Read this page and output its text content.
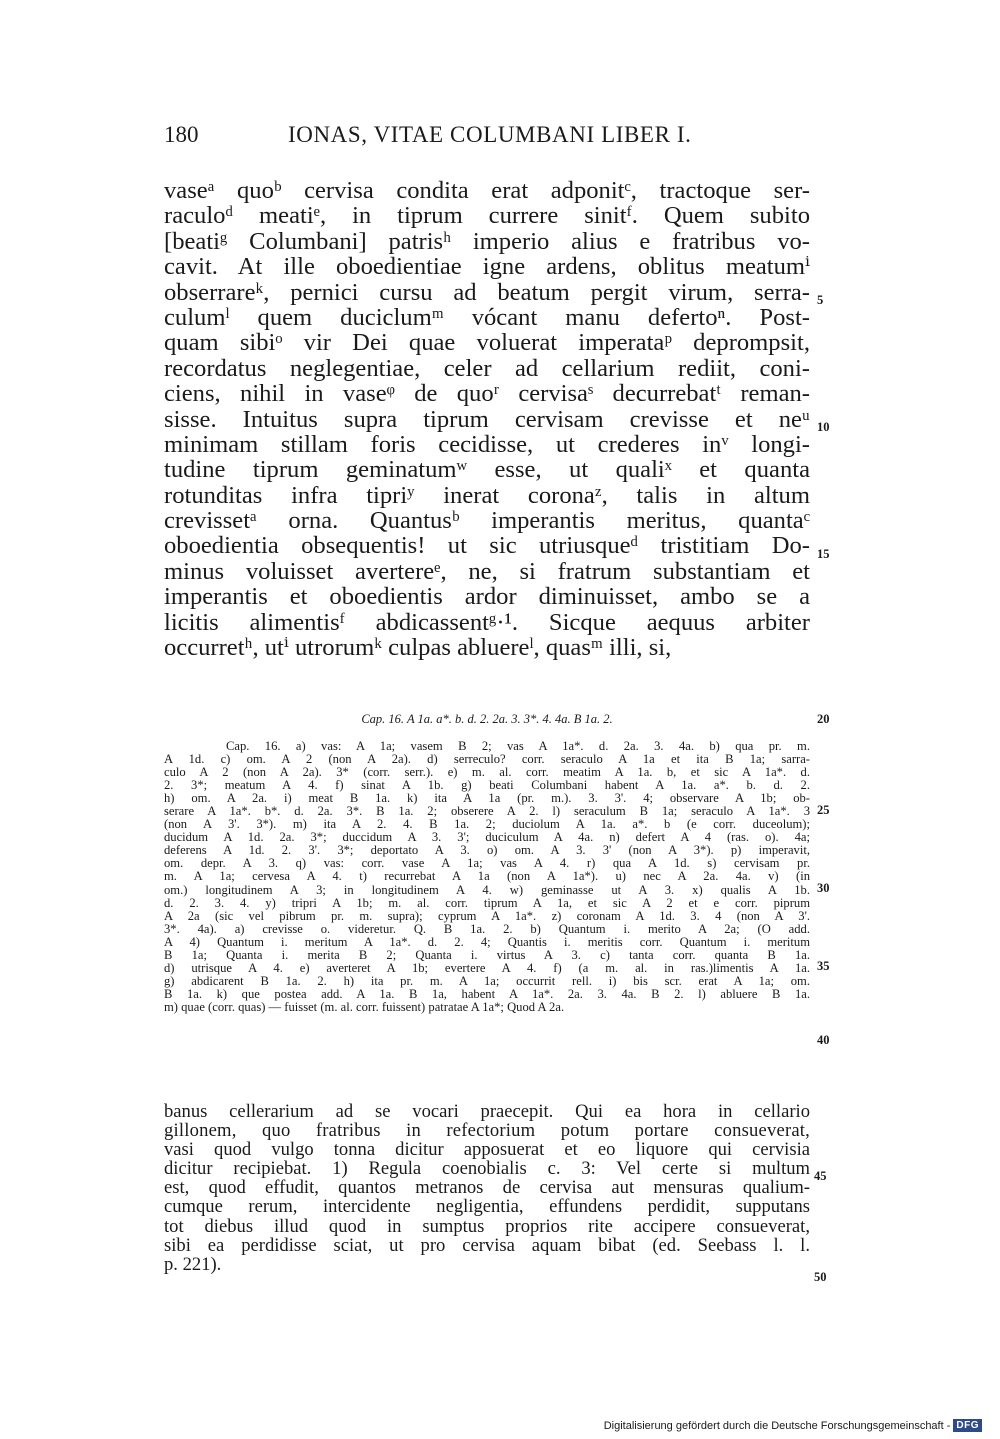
180	IONAS, VITAE COLUMBANI LIBER I.
vaseᵃ quoᵇ cervisa condita erat adponitᶜ, tractoque ser-
raculoᵈ meatiᵉ, in tiprum currere sinitᶠ. Quem subito
[beatiᵍ Columbani] patrisʰ imperio alius e fratribus vo-
cavit. At ille oboedientiae igne ardens, oblitus meatumⁱ
obserrareᵏ, pernici cursu ad beatum pergit virum, serra-
culumˡ quem duciclumᵐ vócant manu defertoⁿ. Post-
quam sibiᵒ vir Dei quae voluerat imperataᵖ deprompsit,
recordatus neglegentiae, celer ad cellarium rediit, coni-
ciens, nihil in vaseᵠ de quoʳ cervisaˢ decurrebatᵗ reman-
sisse. Intuitus supra tiprum cervisam crevisse et neᵘ
minimam stillam foris cecidisse, ut crederes inᵛ longi-
tudine tiprum geminatumʷ esse, ut qualiˣ et quanta
rotunditas infra tipriʸ inerat coronaᶻ, talis in altum
crevissetᵃ orna. Quantusᵇ imperantis meritus, quantaᶜ
oboedientia obsequentis! ut sic utriusqueᵈ tristitiam Do-
minus voluisset avertereᵉ, ne, si fratrum substantiam et
imperantis et oboedientis ardor diminuisset, ambo se a
licitis alimentisᶠ abdicassentᵍ·¹. Sicque aequus arbiter
occurretʰ, utⁱ utrorumᵏ culpas abluereˡ, quasᵐ illi, si,
5
10
15
Cap. 16. A 1a. a*. b. d. 2. 2a. 3. 3*. 4. 4a. B 1a. 2.	20
Cap. 16. a) vas: A 1a; vasem B 2; vas A 1a*. d. 2a. 3. 4a. b) qua pr. m.
A 1d. c) om. A 2 (non A 2a). d) serreculo? corr. seraculo A 1a et ita B 1a; sarra-
culo A 2 (non A 2a). 3* (corr. serr.). e) m. al. corr. meatim A 1a. b, et sic A 1a*. d.
2. 3*; meatum A 4. f) sinat A 1b. g) beati Columbani habent A 1a. a*. b. d. 2.
h) om. A 2a. i) meat B 1a. k) ita A 1a (pr. m.). 3. 3'. 4; observare A 1b; ob-
serare A 1a*. b*. d. 2a. 3*. B 1a. 2; obserere A 2. l) seraculum B 1a; seraculo A 1a*. 3
(non A 3'. 3*). m) ita A 2. 4. B 1a. 2; duciolum A 1a. a*. b (e corr. duceolum);
ducidum A 1d. 2a. 3*; duccidum A 3. 3'; duciculum A 4a. n) defert A 4 (ras. o). 4a;
deferens A 1d. 2. 3'. 3*; deportato A 3. o) om. A 3. 3' (non A 3*). p) imperavit,
om. depr. A 3. q) vas: corr. vase A 1a; vas A 4. r) qua A 1d. s) cervisam pr.
m. A 1a; cervesa A 4. t) recurrebat A 1a (non A 1a*). u) nec A 2a. 4a. v) (in
om.) longitudinem A 3; in longitudinem A 4. w) geminasse ut A 3. x) qualis A 1b.
d. 2. 3. 4. y) tripri A 1b; m. al. corr. tiprum A 1a, et sic A 2 et e corr. piprum
A 2a (sic vel pibrum pr. m. supra); cyprum A 1a*. z) coronam A 1d. 3. 4 (non A 3'.
3*. 4a). a) crevisse o. videretur. Q. B 1a. 2. b) Quantum i. merito A 2a; (O add.
A 4) Quantum i. meritum A 1a*. d. 2. 4; Quantis i. meritis corr. Quantum i. meritum
B 1a; Quanta i. merita B 2; Quanta i. virtus A 3. c) tanta corr. quanta B 1a.
d) utrisque A 4. e) averteret A 1b; evertere A 4. f) (a m. al. in ras.)limentis A 1a.
g) abdicarent B 1a. 2. h) ita pr. m. A 1a; occurrit rell. i) bis scr. erat A 1a; om.
B 1a. k) que postea add. A 1a. B 1a, habent A 1a*. 2a. 3. 4a. B 2. l) abluere B 1a.
m) quae (corr. quas) — fuisset (m. al. corr. fuissent) patratae A 1a*; Quod A 2a.
25
30
35
40
banus cellerarium ad se vocari praecepit. Qui ea hora in cellario
gillonem, quo fratribus in refectorium potum portare consueverat,
vasi quod vulgo tonna dicitur apposuerat et eo liquore qui cervisia
dicitur recipiebat. 1) Regula coenobialis c. 3: Vel certe si multum
est, quod effudit, quantos metranos de cervisa aut mensuras qualium-
cumque rerum, intercidente negligentia, effundens perdidit, supputans
tot diebus illud quod in sumptus proprios rite accipere consueverat,
sibi ea perdidisse sciat, ut pro cervisa aquam bibat (ed. Seebass l. l.
p. 221).
45
50
Digitalisierung gefördert durch die Deutsche Forschungsgemeinschaft - DFG
